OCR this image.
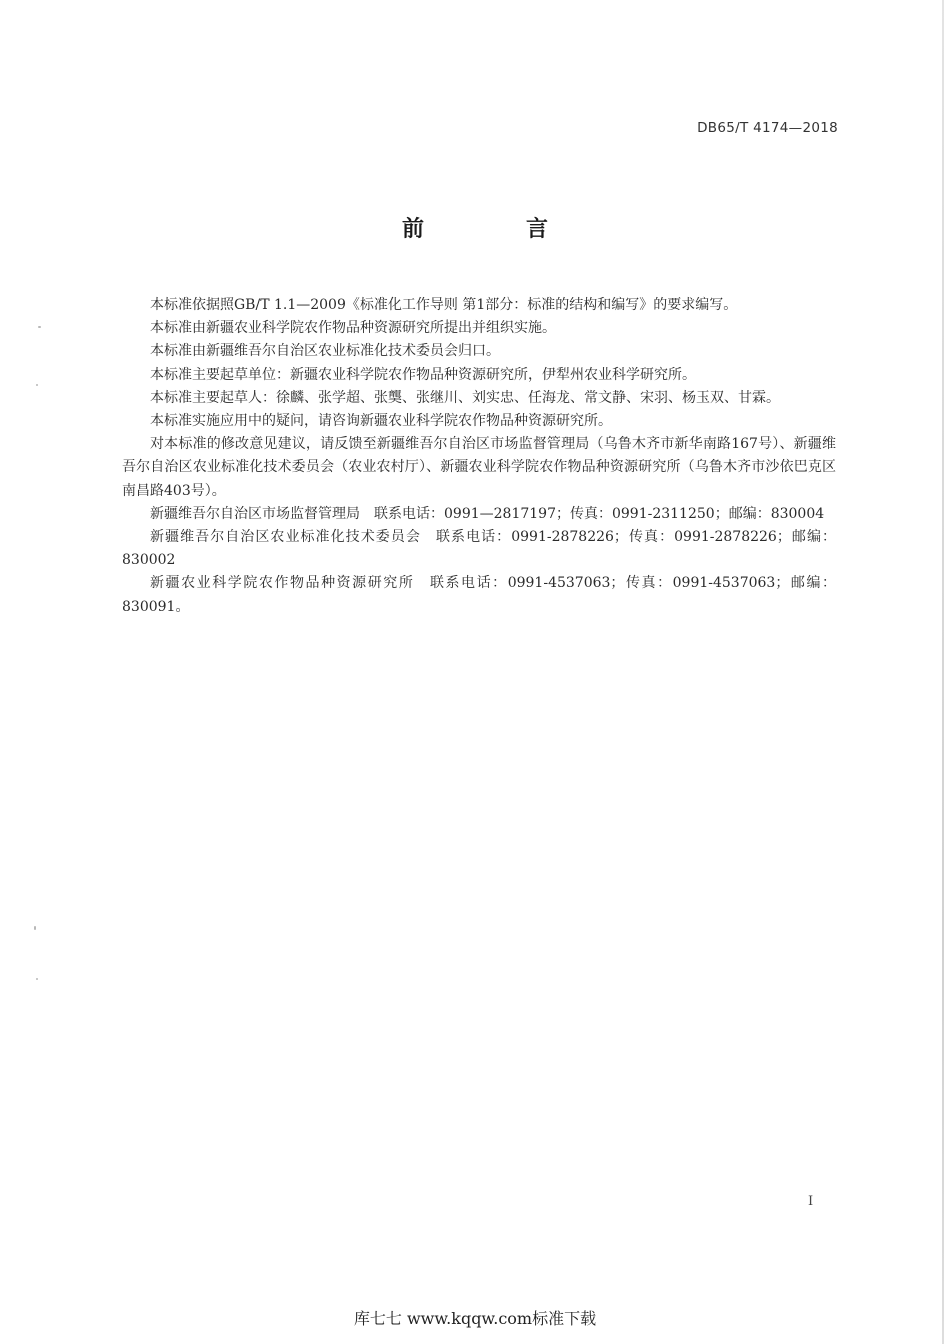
DB65/T 4174—2018
前　言

本标准依据照GB/T 1.1—2009《标准化工作导则 第1部分：标准的结构和编写》的要求编写。

本标准由新疆农业科学院农作物品种资源研究所提出并组织实施。

本标准由新疆维吾尔自治区农业标准化技术委员会归口。

本标准主要起草单位：新疆农业科学院农作物品种资源研究所，伊犁州农业科学研究所。

本标准主要起草人：徐麟、张学超、张龑、张继川、刘实忠、任海龙、常文静、宋羽、杨玉双、甘霖。

本标准实施应用中的疑问，请咨询新疆农业科学院农作物品种资源研究所。

对本标准的修改意见建议，请反馈至新疆维吾尔自治区市场监督管理局（乌鲁木齐市新华南路167号）、新疆维吾尔自治区农业标准化技术委员会（农业农村厅）、新疆农业科学院农作物品种资源研究所（乌鲁木齐市沙依巴克区南昌路403号）。

新疆维吾尔自治区市场监督管理局　联系电话：0991—2817197；传真：0991-2311250；邮编：830004

新疆维吾尔自治区农业标准化技术委员会　联系电话：0991-2878226；传真：0991-2878226；邮编：830002

新疆农业科学院农作物品种资源研究所　联系电话：0991-4537063；传真：0991-4537063；邮编：830091。

I
库七七 www.kqqw.com标准下载
